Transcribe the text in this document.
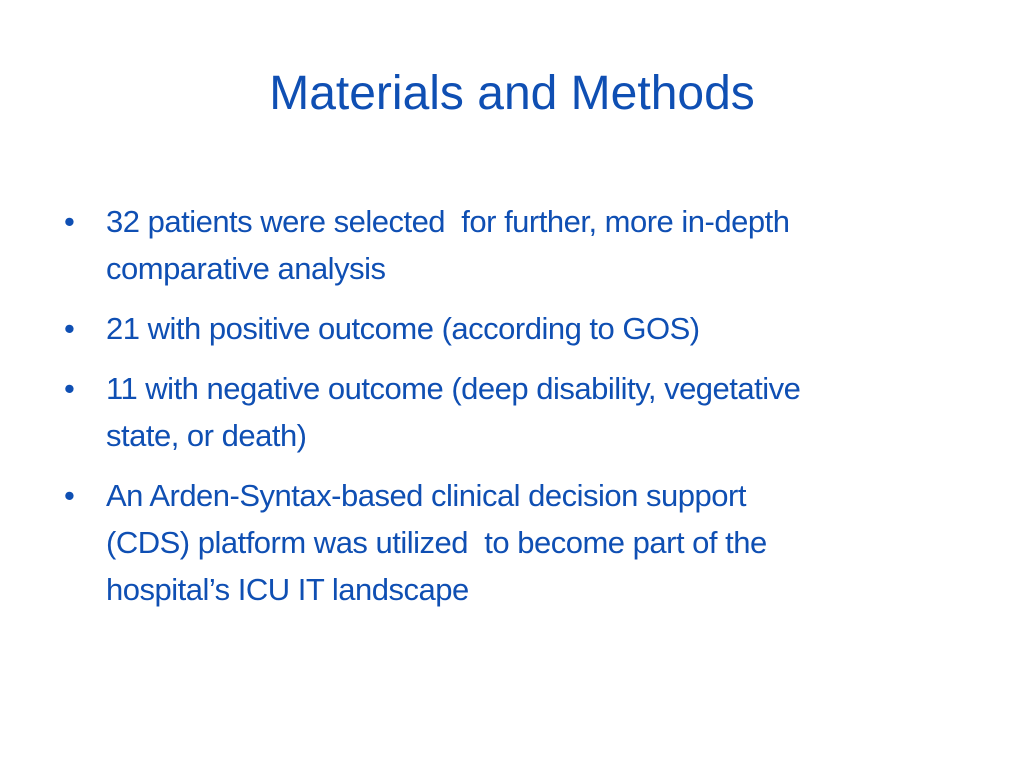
Materials and Methods
•	32 patients were selected  for further, more in-depth
comparative analysis
•	21 with positive outcome (according to GOS)
•	11 with negative outcome (deep disability, vegetative
state, or death)
•	An Arden-Syntax-based clinical decision support
(CDS) platform was utilized  to become part of the
hospital’s ICU IT landscape
